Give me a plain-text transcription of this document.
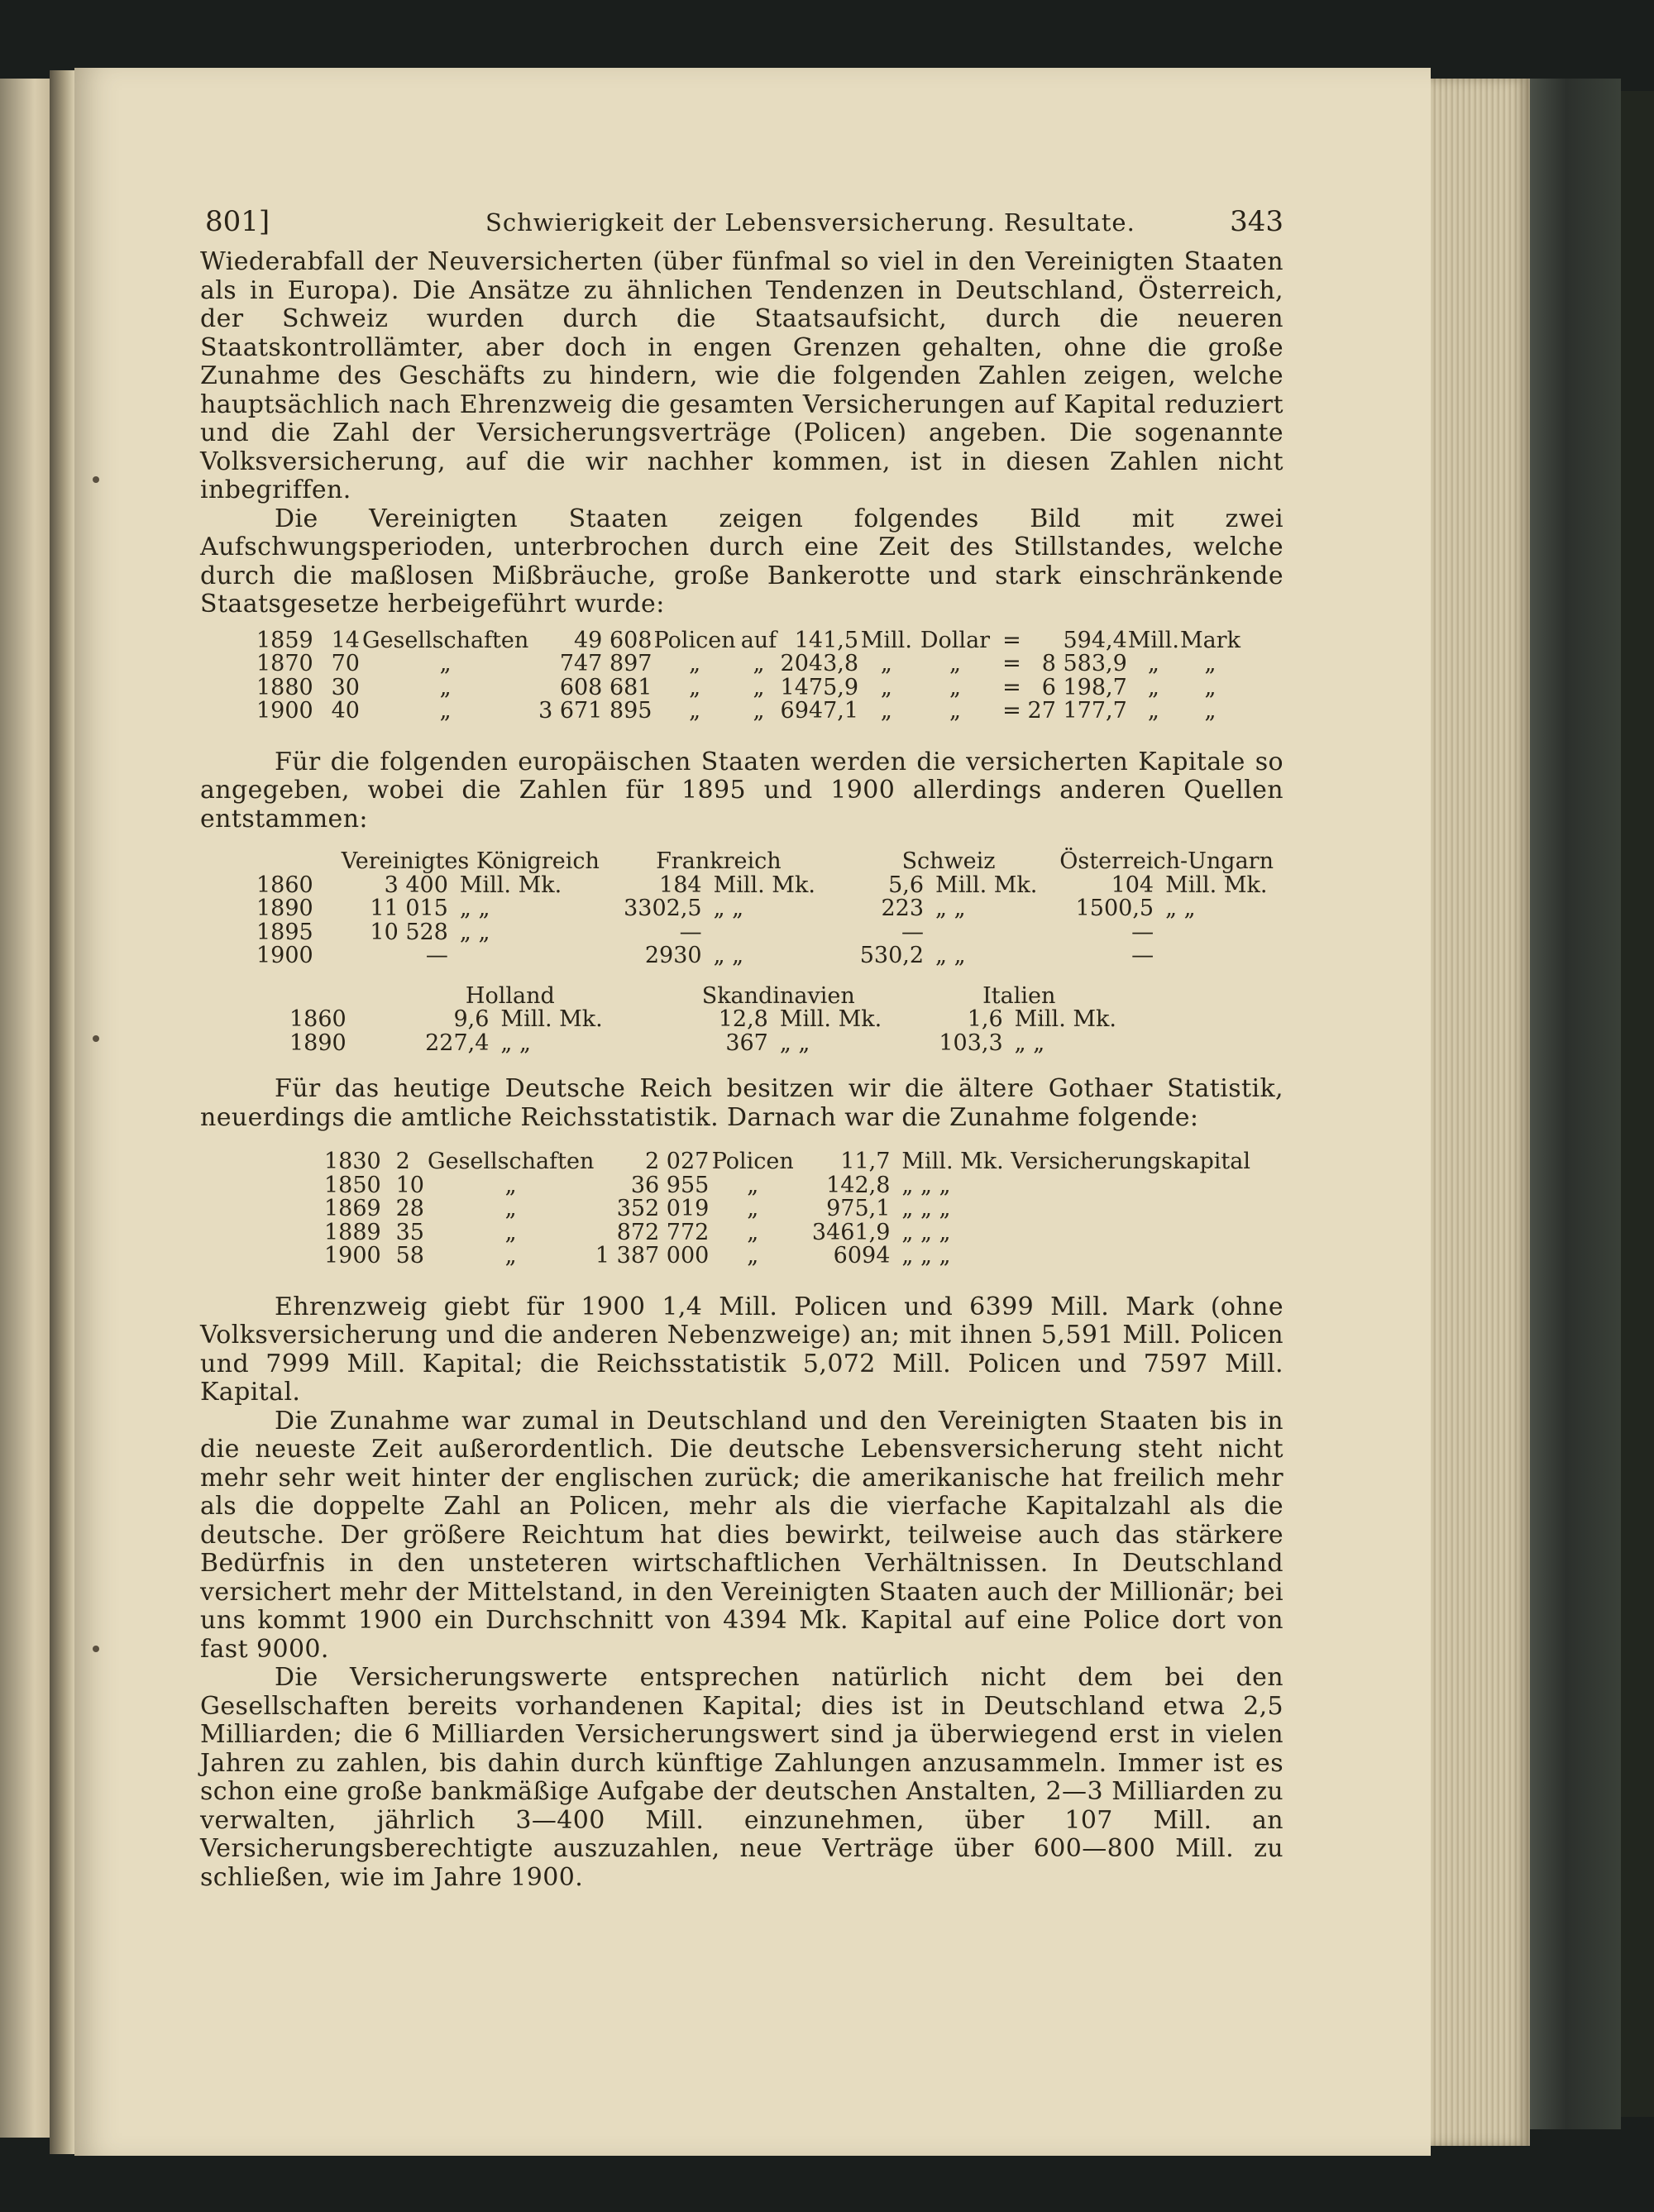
801]	Schwierigkeit der Lebensversicherung. Resultate.	343

Wiederabfall der Neuversicherten (über fünfmal so viel in den Vereinigten Staaten als in Europa). Die Ansätze zu ähnlichen Tendenzen in Deutschland, Österreich, der Schweiz wurden durch die Staatsaufsicht, durch die neueren Staatskontrollämter, aber doch in engen Grenzen gehalten, ohne die große Zunahme des Geschäfts zu hindern, wie die folgenden Zahlen zeigen, welche hauptsächlich nach Ehrenzweig die gesamten Versicherungen auf Kapital reduziert und die Zahl der Versicherungsverträge (Policen) angeben. Die sogenannte Volksversicherung, auf die wir nachher kommen, ist in diesen Zahlen nicht inbegriffen.

Die Vereinigten Staaten zeigen folgendes Bild mit zwei Aufschwungsperioden, unterbrochen durch eine Zeit des Stillstandes, welche durch die maßlosen Mißbräuche, große Bankerotte und stark einschränkende Staatsgesetze herbeigeführt wurde:

1859	14	Gesellschaften	49 608	Policen	auf	141,5	Mill.	Dollar	=	594,4	Mill.	Mark
1870	70	„	747 897	„	„	2043,8	„	„	=	8 583,9	„	„
1880	30	„	608 681	„	„	1475,9	„	„	=	6 198,7	„	„
1900	40	„	3 671 895	„	„	6947,1	„	„	=	27 177,7	„	„

Für die folgenden europäischen Staaten werden die versicherten Kapitale so angegeben, wobei die Zahlen für 1895 und 1900 allerdings anderen Quellen entstammen:

	Vereinigtes Königreich		Frankreich		Schweiz		Österreich-Ungarn	
1860	3 400	Mill. Mk.	184	Mill. Mk.	5,6	Mill. Mk.	104	Mill. Mk.
1890	11 015	„ „	3302,5	„ „	223	„ „	1500,5	„ „
1895	10 528	„ „	—		—		—	
1900	—		2930	„ „	530,2	„ „	—	
	Holland		Skandinavien		Italien	
1860	9,6	Mill. Mk.	12,8	Mill. Mk.	1,6	Mill. Mk.
1890	227,4	„ „	367	„ „	103,3	„ „

Für das heutige Deutsche Reich besitzen wir die ältere Gothaer Statistik, neuerdings die amtliche Reichsstatistik. Darnach war die Zunahme folgende:

1830	2	Gesellschaften	2 027	Policen	11,7	Mill. Mk. Versicherungskapital
1850	10	„	36 955	„	142,8	„ „ „
1869	28	„	352 019	„	975,1	„ „ „
1889	35	„	872 772	„	3461,9	„ „ „
1900	58	„	1 387 000	„	6094	„ „ „

Ehrenzweig giebt für 1900 1,4 Mill. Policen und 6399 Mill. Mark (ohne Volksversicherung und die anderen Nebenzweige) an; mit ihnen 5,591 Mill. Policen und 7999 Mill. Kapital; die Reichsstatistik 5,072 Mill. Policen und 7597 Mill. Kapital.

Die Zunahme war zumal in Deutschland und den Vereinigten Staaten bis in die neueste Zeit außerordentlich. Die deutsche Lebensversicherung steht nicht mehr sehr weit hinter der englischen zurück; die amerikanische hat freilich mehr als die doppelte Zahl an Policen, mehr als die vierfache Kapitalzahl als die deutsche. Der größere Reichtum hat dies bewirkt, teilweise auch das stärkere Bedürfnis in den unsteteren wirtschaftlichen Verhältnissen. In Deutschland versichert mehr der Mittelstand, in den Vereinigten Staaten auch der Millionär; bei uns kommt 1900 ein Durchschnitt von 4394 Mk. Kapital auf eine Police dort von fast 9000.

Die Versicherungswerte entsprechen natürlich nicht dem bei den Gesellschaften bereits vorhandenen Kapital; dies ist in Deutschland etwa 2,5 Milliarden; die 6 Milliarden Versicherungswert sind ja überwiegend erst in vielen Jahren zu zahlen, bis dahin durch künftige Zahlungen anzusammeln. Immer ist es schon eine große bankmäßige Aufgabe der deutschen Anstalten, 2—3 Milliarden zu verwalten, jährlich 3—400 Mill. einzunehmen, über 107 Mill. an Versicherungsberechtigte auszuzahlen, neue Verträge über 600—800 Mill. zu schließen, wie im Jahre 1900.
